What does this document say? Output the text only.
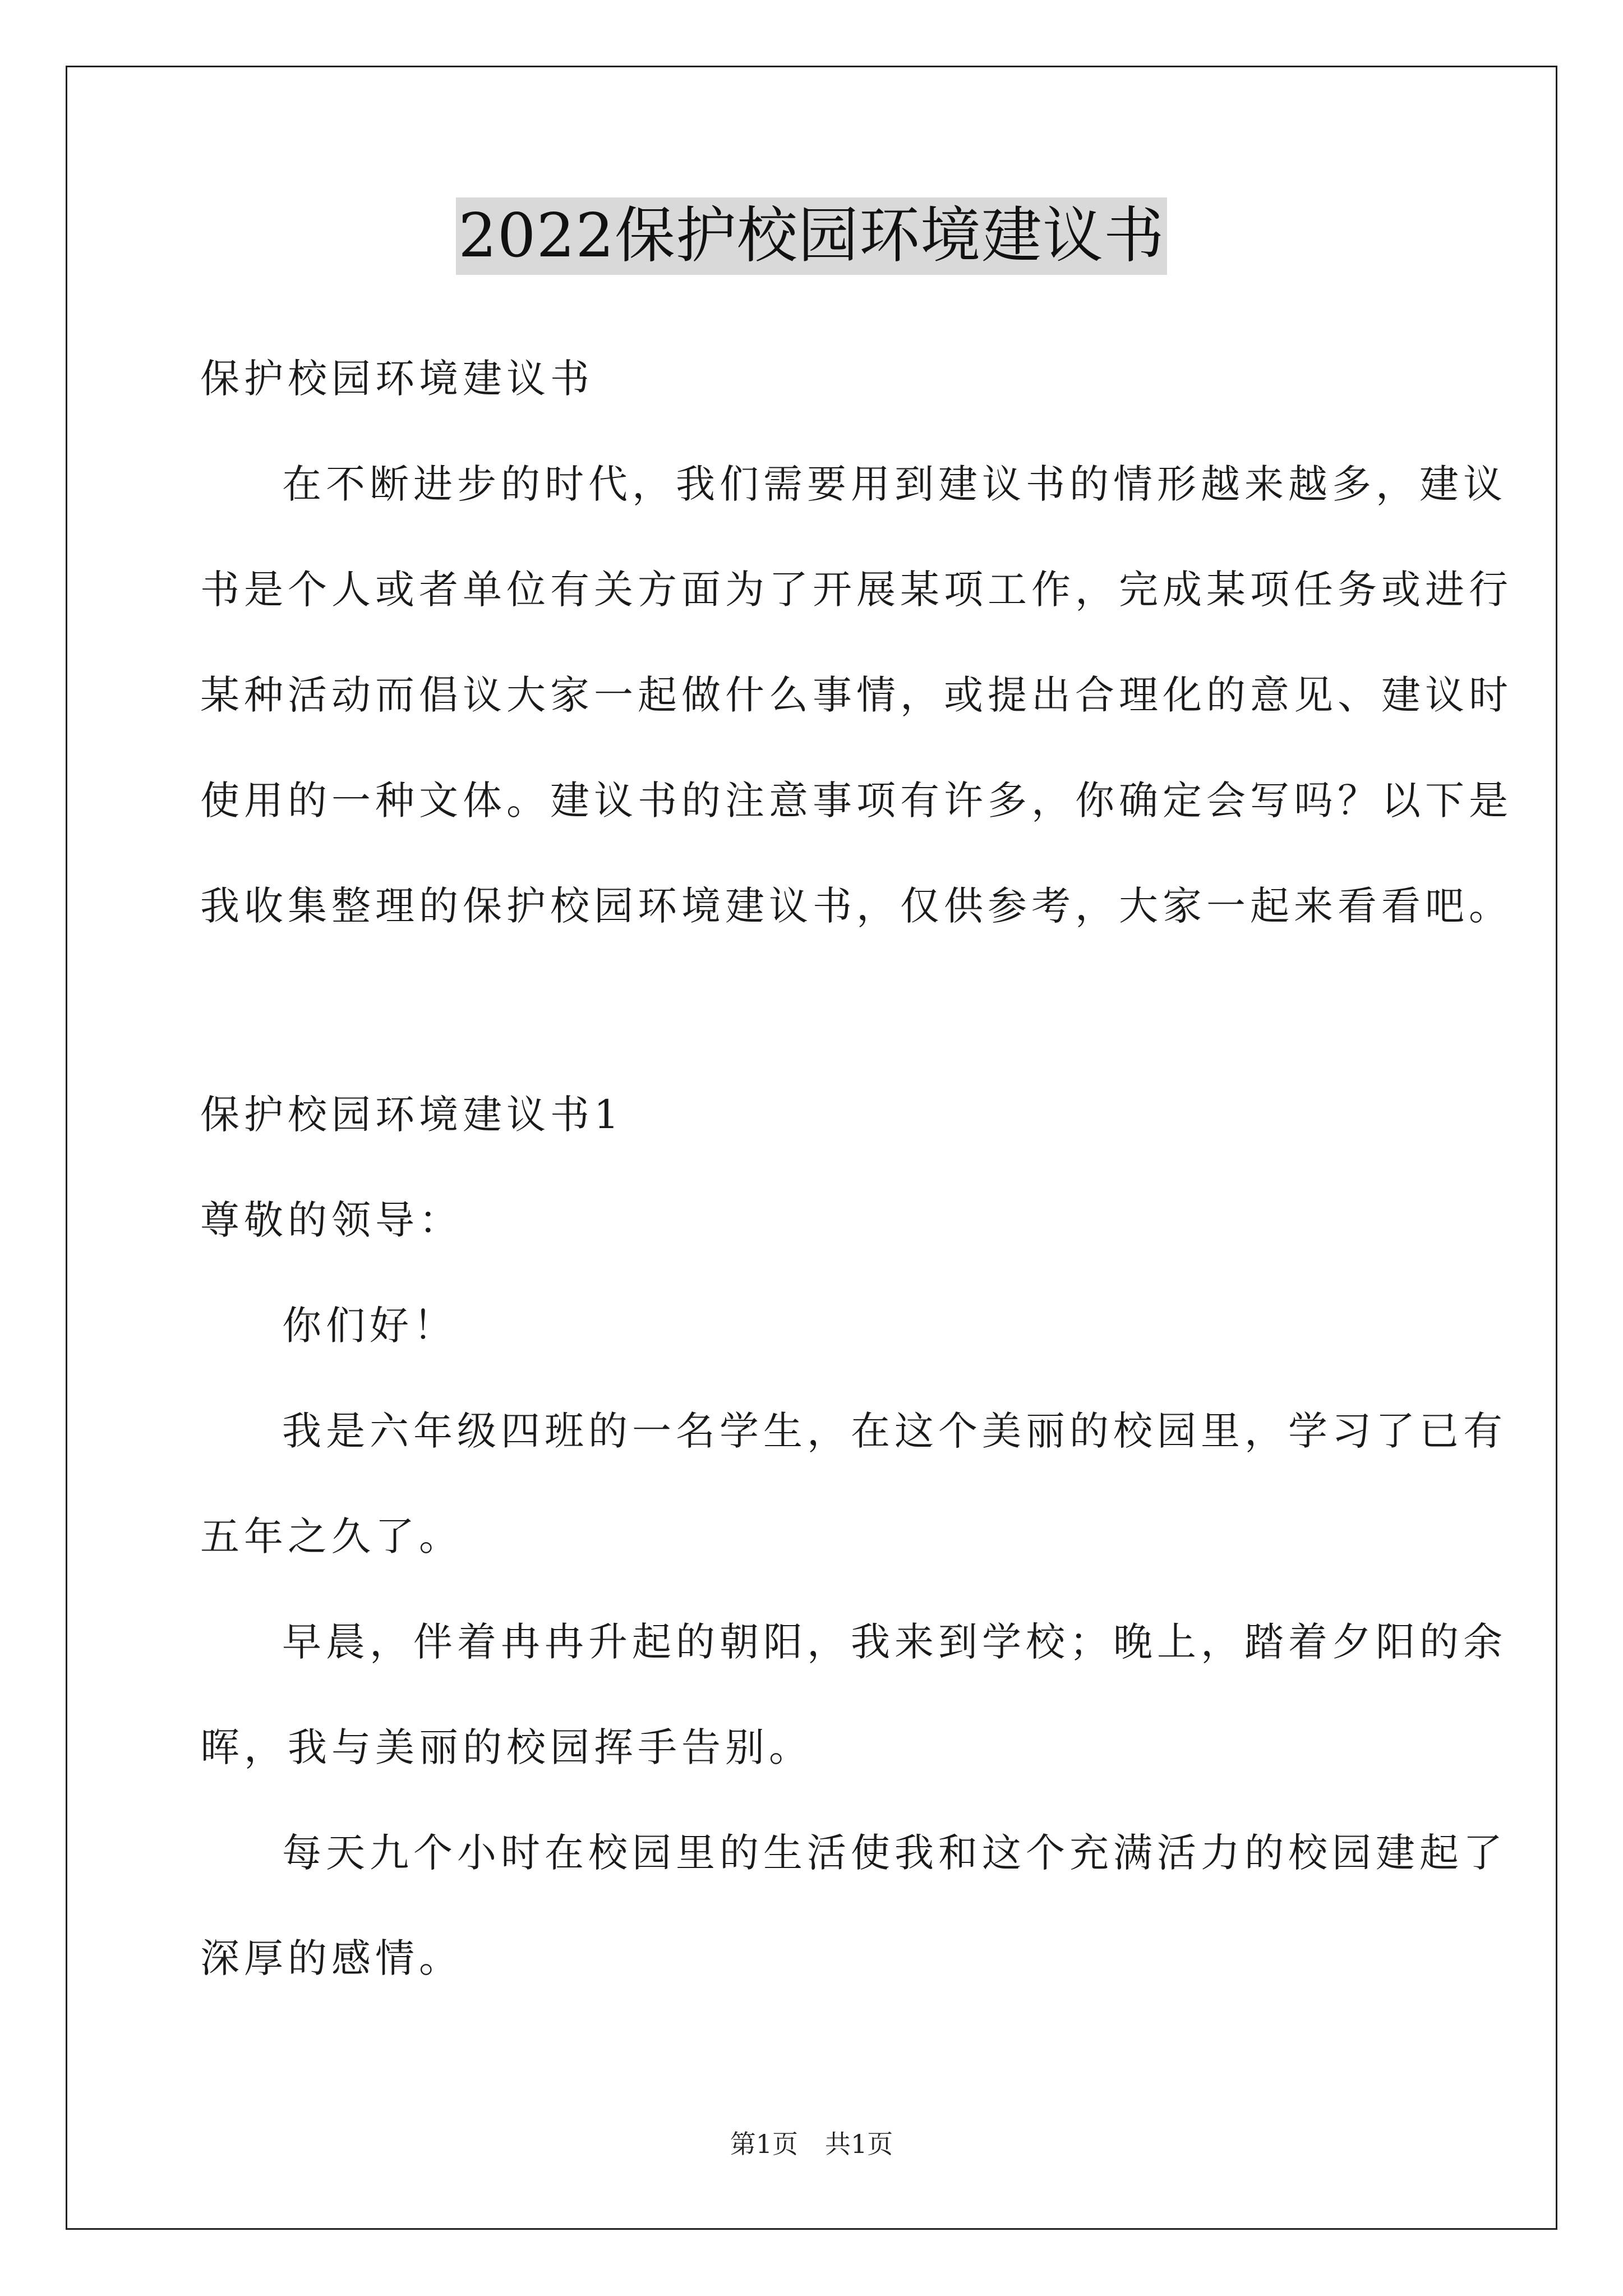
2022保护校园环境建议书
保护校园环境建议书
在不断进步的时代，我们需要用到建议书的情形越来越多，建议
书是个人或者单位有关方面为了开展某项工作，完成某项任务或进行
某种活动而倡议大家一起做什么事情，或提出合理化的意见、建议时
使用的一种文体。建议书的注意事项有许多，你确定会写吗？以下是
我收集整理的保护校园环境建议书，仅供参考，大家一起来看看吧。
保护校园环境建议书1
尊敬的领导：
你们好！
我是六年级四班的一名学生，在这个美丽的校园里，学习了已有
五年之久了。
早晨，伴着冉冉升起的朝阳，我来到学校；晚上，踏着夕阳的余
晖，我与美丽的校园挥手告别。
每天九个小时在校园里的生活使我和这个充满活力的校园建起了
深厚的感情。
第1页 共1页
